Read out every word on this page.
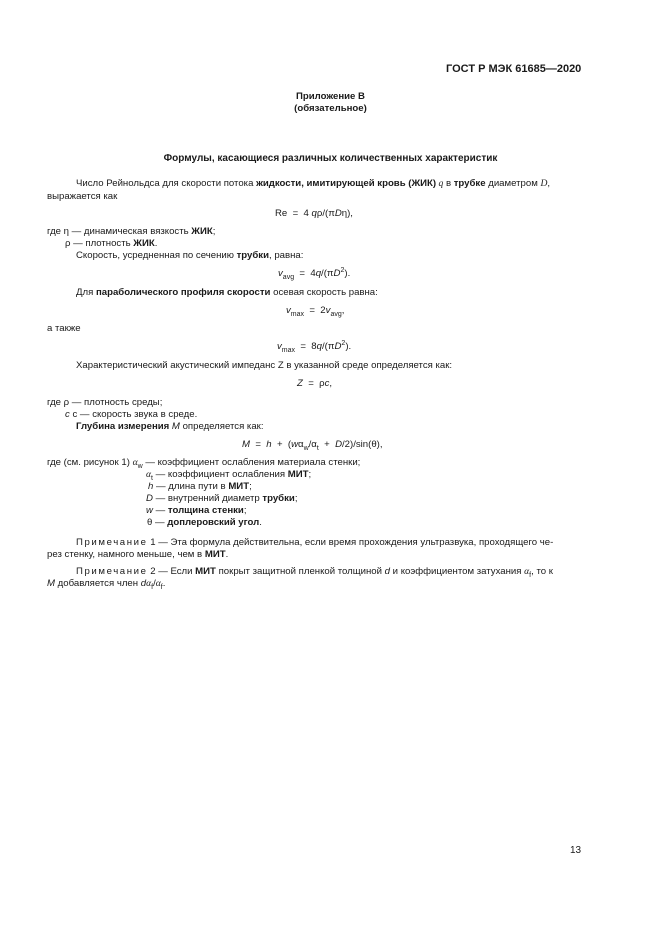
ГОСТ Р МЭК 61685—2020
Приложение В
(обязательное)
Формулы, касающиеся различных количественных характеристик
Число Рейнольдса для скорости потока жидкости, имитирующей кровь (ЖИК) q в трубке диаметром D,
выражается как
Re  =  4 qρ/(πDη),
где η — динамическая вязкость ЖИК;
ρ — плотность ЖИК.
Скорость, усредненная по сечению трубки, равна:
$v_{avg} = 4q/(\pi D^2)$.
Для параболического профиля скорости осевая скорость равна:
$v_{max} = 2v_{avg}$,
а также
$v_{max} = 8q/(\pi D^2)$.
Характеристический акустический импеданс Z в указанной среде определяется как:
Z  =  ρc,
где ρ — плотность среды;
c c — скорость звука в среде.
Глубина измерения M определяется как:
$M = h + (w\alpha_w/\alpha_t + D/2)/\sin(\theta)$,
где (см. рисунок 1) $\alpha_w$ — коэффициент ослабления материала стенки;
$\alpha_t$ — коэффициент ослабления МИТ;
h — длина пути в МИТ;
D — внутренний диаметр трубки;
w — толщина стенки;
θ — доплеровский угол.
Примечание 1 — Эта формула действительна, если время прохождения ультразвука, проходящего че-
рез стенку, намного меньше, чем в МИТ.
Примечание 2 — Если МИТ покрыт защитной пленкой толщиной d и коэффициентом затухания $\alpha_f$, то к
M добавляется член $d\alpha_f/\alpha_f$.
13
